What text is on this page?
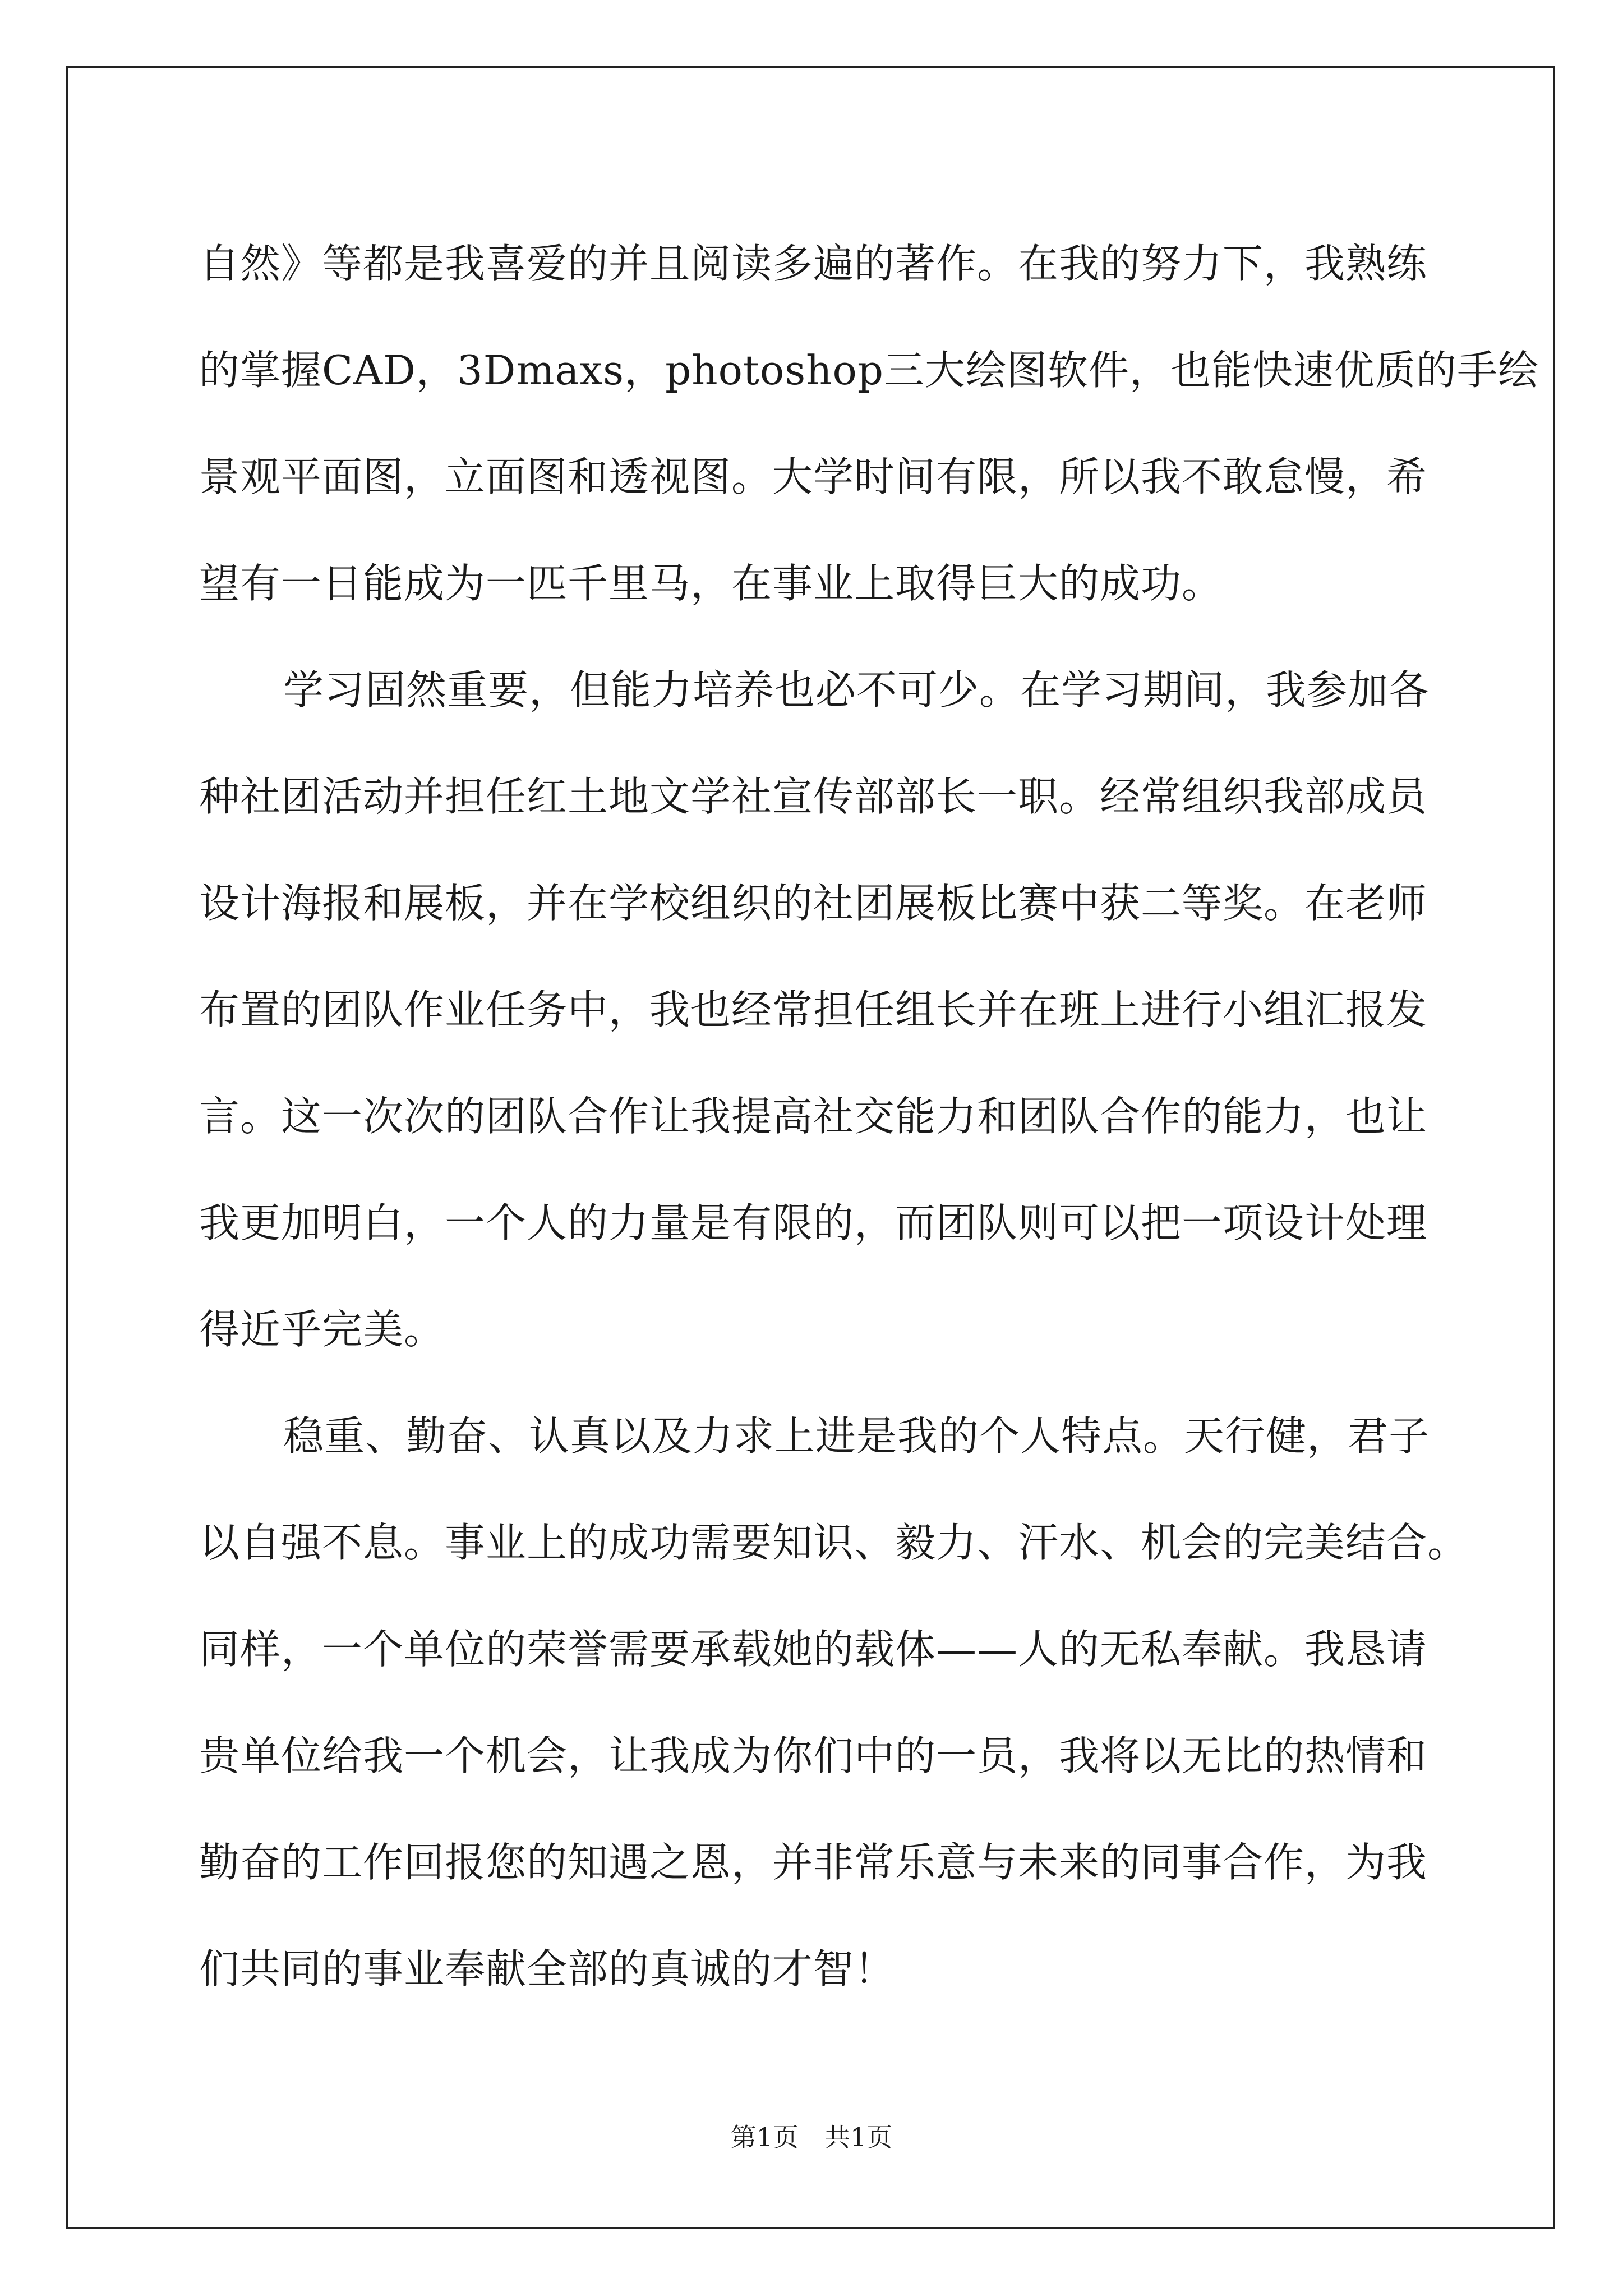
自然》等都是我喜爱的并且阅读多遍的著作。在我的努力下，我熟练
的掌握CAD，3Dmaxs，photoshop三大绘图软件，也能快速优质的手绘
景观平面图，立面图和透视图。大学时间有限，所以我不敢怠慢，希
望有一日能成为一匹千里马，在事业上取得巨大的成功。
学习固然重要，但能力培养也必不可少。在学习期间，我参加各
种社团活动并担任红土地文学社宣传部部长一职。经常组织我部成员
设计海报和展板，并在学校组织的社团展板比赛中获二等奖。在老师
布置的团队作业任务中，我也经常担任组长并在班上进行小组汇报发
言。这一次次的团队合作让我提高社交能力和团队合作的能力，也让
我更加明白，一个人的力量是有限的，而团队则可以把一项设计处理
得近乎完美。
稳重、勤奋、认真以及力求上进是我的个人特点。天行健，君子
以自强不息。事业上的成功需要知识、毅力、汗水、机会的完美结合。
同样，一个单位的荣誉需要承载她的载体——人的无私奉献。我恳请
贵单位给我一个机会，让我成为你们中的一员，我将以无比的热情和
勤奋的工作回报您的知遇之恩，并非常乐意与未来的同事合作，为我
们共同的事业奉献全部的真诚的才智！
第1页　共1页
